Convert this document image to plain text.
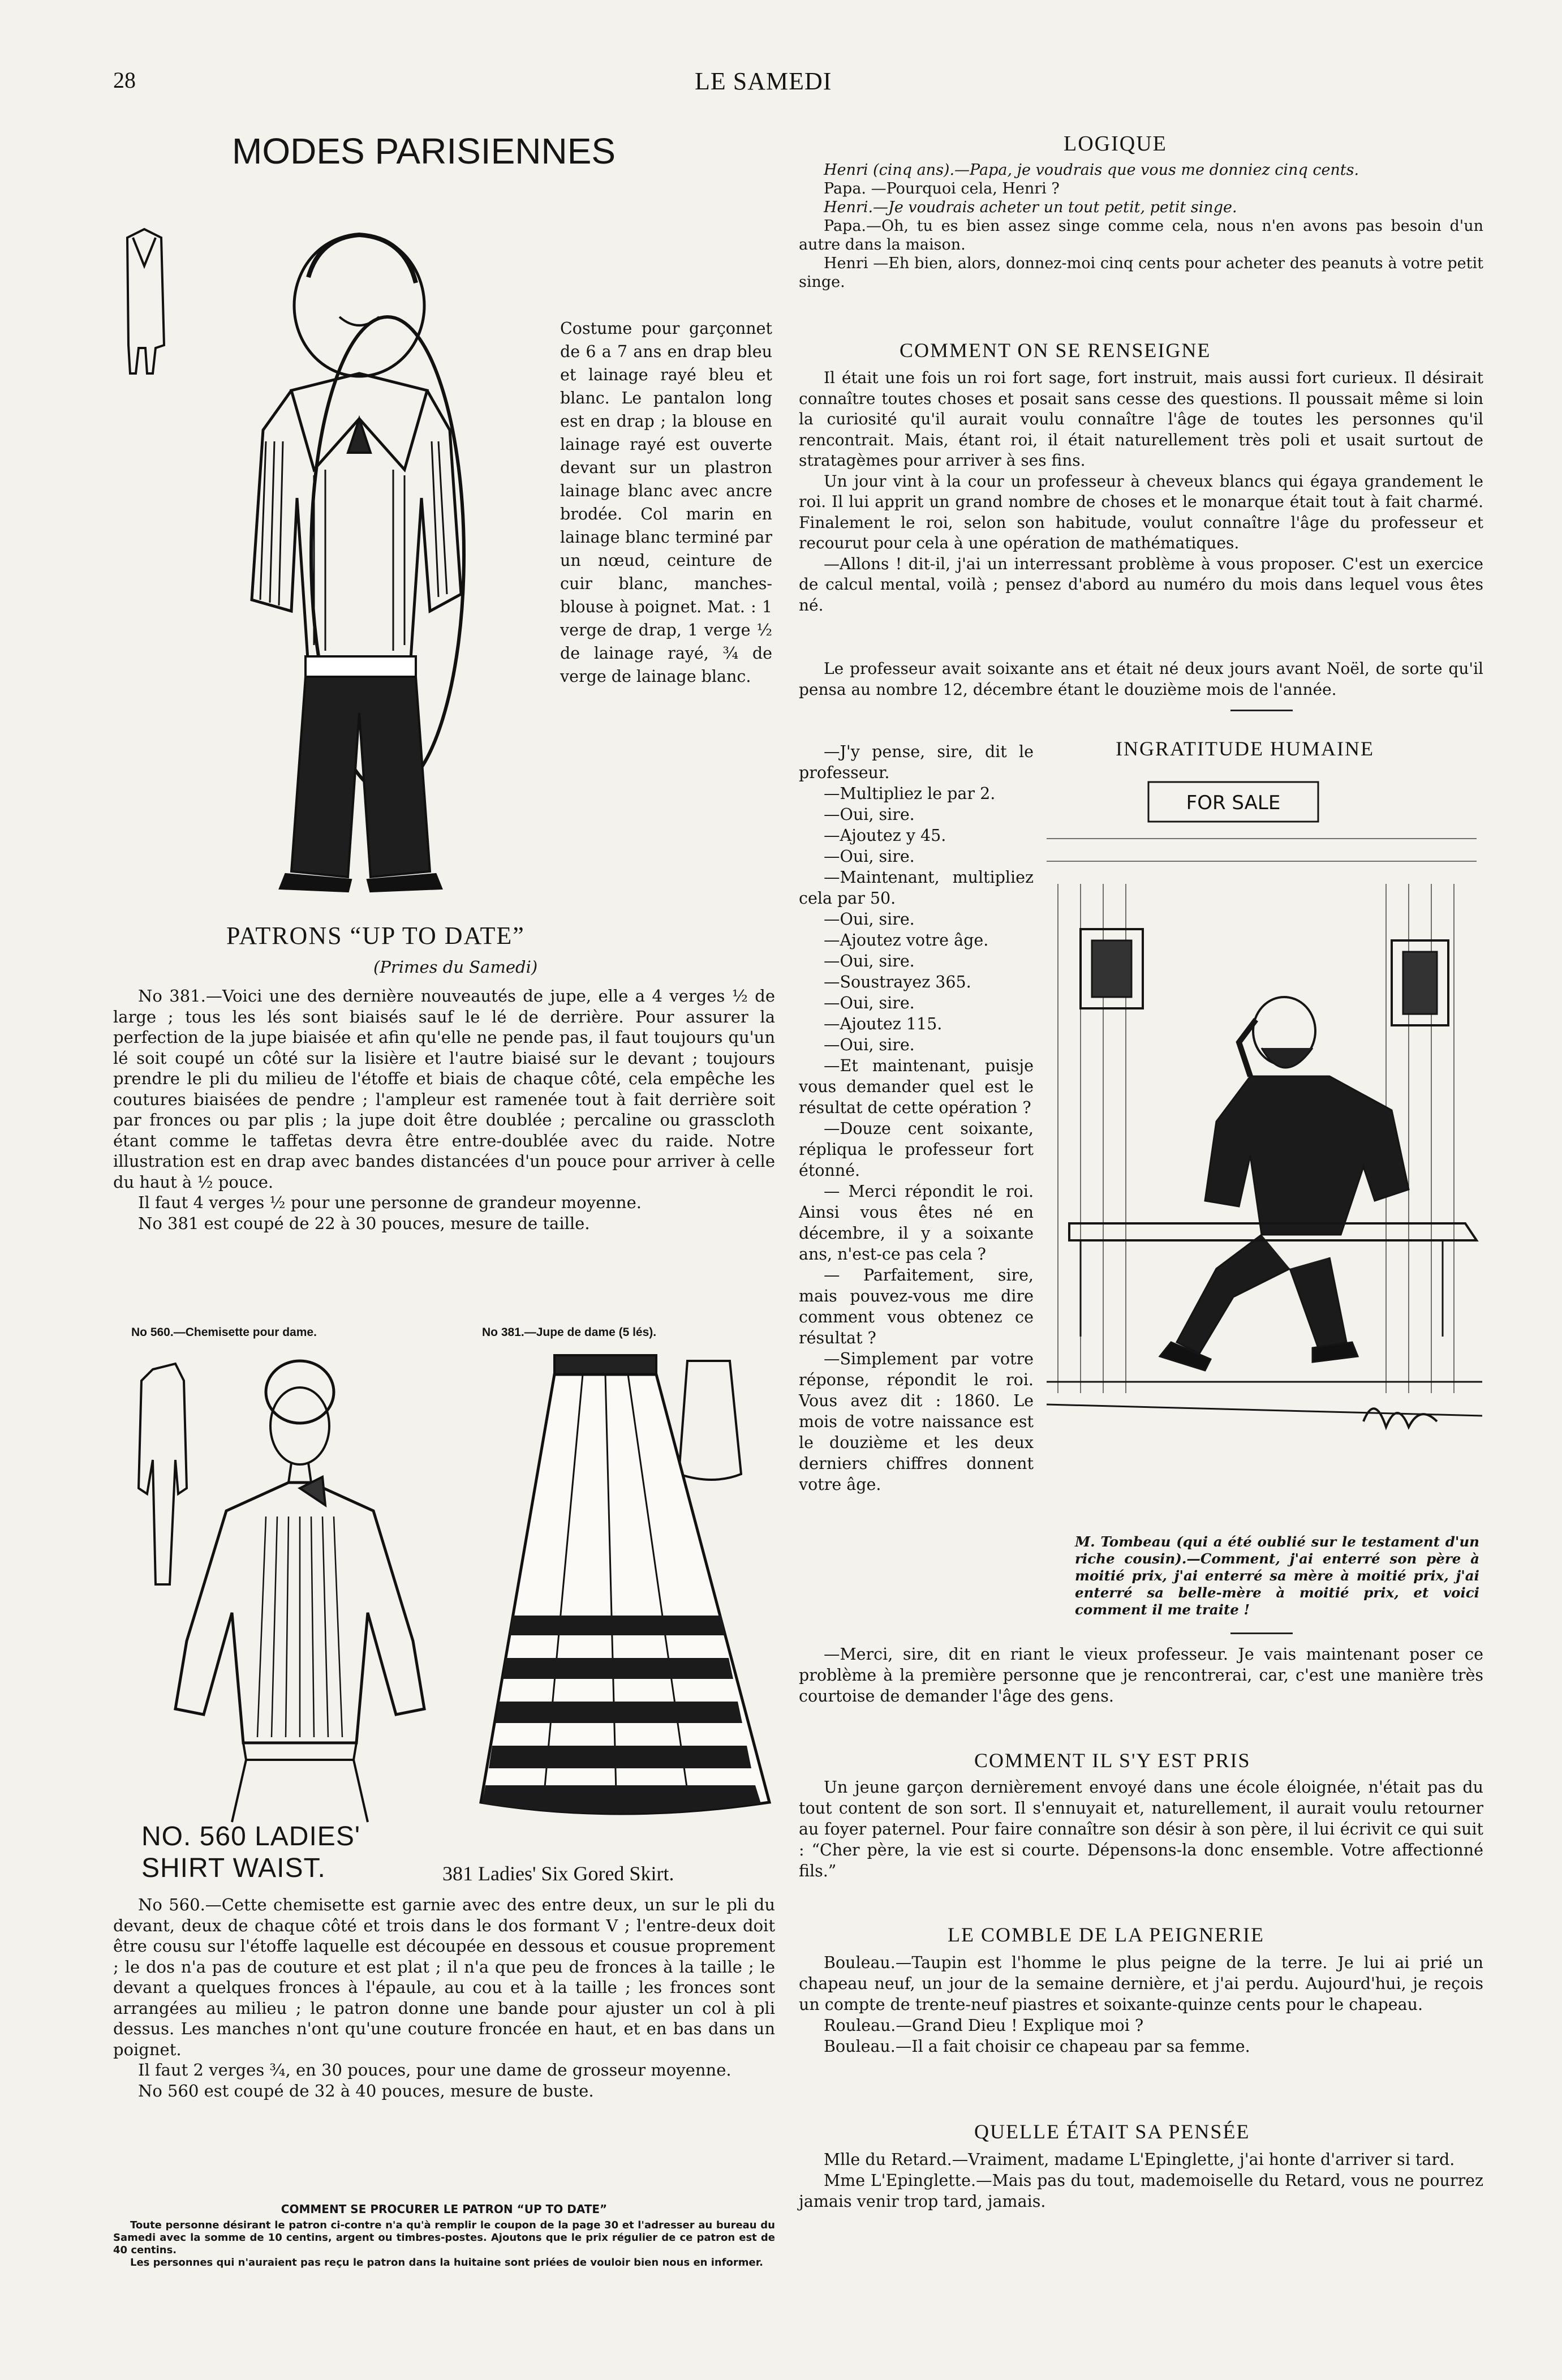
28	LE SAMEDI
MODES PARISIENNES
Costume pour garçonnet de 6 a 7 ans en drap bleu et lainage rayé bleu et blanc. Le pantalon long est en drap ; la blouse en lainage rayé est ouverte devant sur un plastron lainage blanc avec ancre brodée. Col marin en lainage blanc terminé par un nœud, ceinture de cuir blanc, manches-blouse à poignet. Mat. : 1 verge de drap, 1 verge ½ de lainage rayé, ¾ de verge de lainage blanc.
PATRONS “UP TO DATE”
(Primes du Samedi)

No 381.—Voici une des dernière nouveautés de jupe, elle a 4 verges ½ de large ; tous les lés sont biaisés sauf le lé de derrière. Pour assurer la perfection de la jupe biaisée et afin qu'elle ne pende pas, il faut toujours qu'un lé soit coupé un côté sur la lisière et l'autre biaisé sur le devant ; toujours prendre le pli du milieu de l'étoffe et biais de chaque côté, cela empêche les coutures biaisées de pendre ; l'ampleur est ramenée tout à fait derrière soit par fronces ou par plis ; la jupe doit être doublée ; percaline ou grasscloth étant comme le taffetas devra être entre-doublée avec du raide. Notre illustration est en drap avec bandes distancées d'un pouce pour arriver à celle du haut à ½ pouce.

Il faut 4 verges ½ pour une personne de grandeur moyenne.

No 381 est coupé de 22 à 30 pouces, mesure de taille.

No 560.—Chemisette pour dame.	No 381.—Jupe de dame (5 lés).
NO. 560 LADIES'
SHIRT WAIST.	381 Ladies' Six Gored Skirt.

No 560.—Cette chemisette est garnie avec des entre deux, un sur le pli du devant, deux de chaque côté et trois dans le dos formant V ; l'entre-deux doit être cousu sur l'étoffe laquelle est découpée en dessous et cousue proprement ; le dos n'a pas de couture et est plat ; il n'a que peu de fronces à la taille ; le devant a quelques fronces à l'épaule, au cou et à la taille ; les fronces sont arrangées au milieu ; le patron donne une bande pour ajuster un col à pli dessus. Les manches n'ont qu'une couture froncée en haut, et en bas dans un poignet.

Il faut 2 verges ¾, en 30 pouces, pour une dame de grosseur moyenne.

No 560 est coupé de 32 à 40 pouces, mesure de buste.

COMMENT SE PROCURER LE PATRON “UP TO DATE”

Toute personne désirant le patron ci-contre n'a qu'à remplir le coupon de la page 30 et l'adresser au bureau du Samedi avec la somme de 10 centins, argent ou timbres-postes. Ajoutons que le prix régulier de ce patron est de 40 centins.

Les personnes qui n'auraient pas reçu le patron dans la huitaine sont priées de vouloir bien nous en informer.

LOGIQUE

Henri (cinq ans).—Papa, je voudrais que vous me donniez cinq cents.

Papa. —Pourquoi cela, Henri ?

Henri.—Je voudrais acheter un tout petit, petit singe.

Papa.—Oh, tu es bien assez singe comme cela, nous n'en avons pas besoin d'un autre dans la maison.

Henri —Eh bien, alors, donnez-moi cinq cents pour acheter des peanuts à votre petit singe.

COMMENT ON SE RENSEIGNE

Il était une fois un roi fort sage, fort instruit, mais aussi fort curieux. Il désirait connaître toutes choses et posait sans cesse des questions. Il poussait même si loin la curiosité qu'il aurait voulu connaître l'âge de toutes les personnes qu'il rencontrait. Mais, étant roi, il était naturellement très poli et usait surtout de stratagèmes pour arriver à ses fins.

Un jour vint à la cour un professeur à cheveux blancs qui égaya grandement le roi. Il lui apprit un grand nombre de choses et le monarque était tout à fait charmé. Finalement le roi, selon son habitude, voulut connaître l'âge du professeur et recourut pour cela à une opération de mathématiques.

—Allons ! dit-il, j'ai un interressant problème à vous proposer. C'est un exercice de calcul mental, voilà ; pensez d'abord au numéro du mois dans lequel vous êtes né.

Le professeur avait soixante ans et était né deux jours avant Noël, de sorte qu'il pensa au nombre 12, décembre étant le douzième mois de l'année.

—J'y pense, sire, dit le professeur.

—Multipliez le par 2.

—Oui, sire.

—Ajoutez y 45.

—Oui, sire.

—Maintenant, multipliez cela par 50.

—Oui, sire.

—Ajoutez votre âge.

—Oui, sire.

—Soustrayez 365.

—Oui, sire.

—Ajoutez 115.

—Oui, sire.

—Et maintenant, puisje vous demander quel est le résultat de cette opération ?

—Douze cent soixante, répliqua le professeur fort étonné.

— Merci répondit le roi. Ainsi vous êtes né en décembre, il y a soixante ans, n'est-ce pas cela ?

— Parfaitement, sire, mais pouvez-vous me dire comment vous obtenez ce résultat ?

—Simplement par votre réponse, répondit le roi. Vous avez dit : 1860. Le mois de votre naissance est le douzième et les deux derniers chiffres donnent votre âge.

—Merci, sire, dit en riant le vieux professeur. Je vais maintenant poser ce problème à la première personne que je rencontrerai, car, c'est une manière très courtoise de demander l'âge des gens.

INGRATITUDE HUMAINE
FOR SALE
M. Tombeau (qui a été oublié sur le testament d'un riche cousin).—Comment, j'ai enterré son père à moitié prix, j'ai enterré sa mère à moitié prix, j'ai enterré sa belle-mère à moitié prix, et voici comment il me traite !
COMMENT IL S'Y EST PRIS

Un jeune garçon dernièrement envoyé dans une école éloignée, n'était pas du tout content de son sort. Il s'ennuyait et, naturellement, il aurait voulu retourner au foyer paternel. Pour faire connaître son désir à son père, il lui écrivit ce qui suit : “Cher père, la vie est si courte. Dépensons-la donc ensemble. Votre affectionné fils.”

LE COMBLE DE LA PEIGNERIE

Bouleau.—Taupin est l'homme le plus peigne de la terre. Je lui ai prié un chapeau neuf, un jour de la semaine dernière, et j'ai perdu. Aujourd'hui, je reçois un compte de trente-neuf piastres et soixante-quinze cents pour le chapeau.

Rouleau.—Grand Dieu ! Explique moi ?

Bouleau.—Il a fait choisir ce chapeau par sa femme.

QUELLE ÉTAIT SA PENSÉE

Mlle du Retard.—Vraiment, madame L'Epinglette, j'ai honte d'arriver si tard.

Mme L'Epinglette.—Mais pas du tout, mademoiselle du Retard, vous ne pourrez jamais venir trop tard, jamais.
